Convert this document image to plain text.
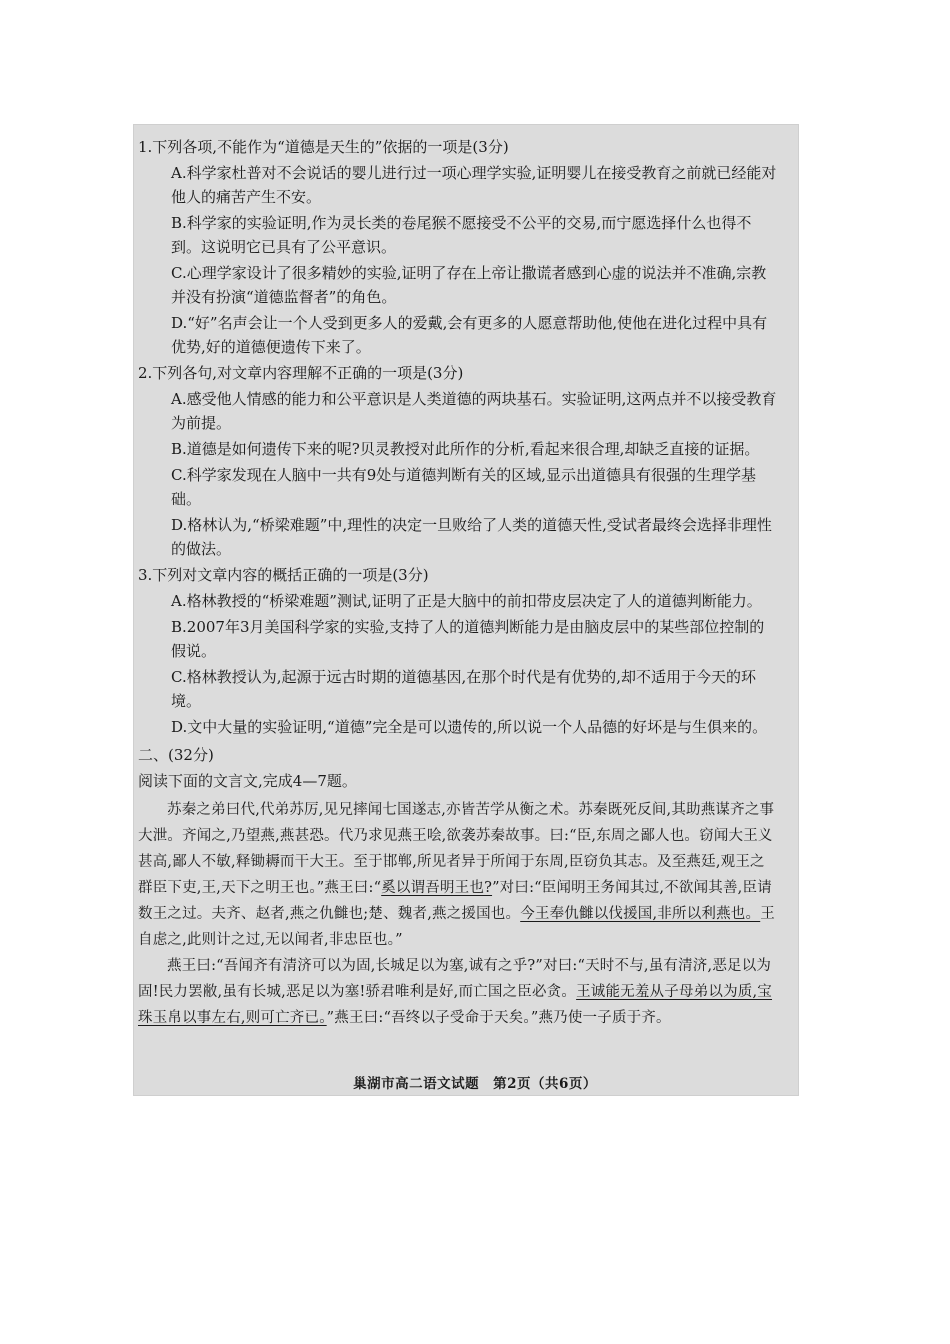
1.下列各项,不能作为“道德是天生的”依据的一项是(3分)

A.科学家杜普对不会说话的婴儿进行过一项心理学实验,证明婴儿在接受教育之前就已经能对他人的痛苦产生不安。

B.科学家的实验证明,作为灵长类的卷尾猴不愿接受不公平的交易,而宁愿选择什么也得不到。这说明它已具有了公平意识。

C.心理学家设计了很多精妙的实验,证明了存在上帝让撒谎者感到心虚的说法并不准确,宗教并没有扮演“道德监督者”的角色。

D.“好”名声会让一个人受到更多人的爱戴,会有更多的人愿意帮助他,使他在进化过程中具有优势,好的道德便遗传下来了。

2.下列各句,对文章内容理解不正确的一项是(3分)

A.感受他人情感的能力和公平意识是人类道德的两块基石。实验证明,这两点并不以接受教育为前提。

B.道德是如何遗传下来的呢?贝灵教授对此所作的分析,看起来很合理,却缺乏直接的证据。

C.科学家发现在人脑中一共有9处与道德判断有关的区域,显示出道德具有很强的生理学基础。

D.格林认为,“桥梁难题”中,理性的决定一旦败给了人类的道德天性,受试者最终会选择非理性的做法。

3.下列对文章内容的概括正确的一项是(3分)

A.格林教授的“桥梁难题”测试,证明了正是大脑中的前扣带皮层决定了人的道德判断能力。

B.2007年3月美国科学家的实验,支持了人的道德判断能力是由脑皮层中的某些部位控制的假说。

C.格林教授认为,起源于远古时期的道德基因,在那个时代是有优势的,却不适用于今天的环境。

D.文中大量的实验证明,“道德”完全是可以遗传的,所以说一个人品德的好坏是与生俱来的。

二、(32分)

阅读下面的文言文,完成4—7题。

苏秦之弟曰代,代弟苏厉,见兄摔闻七国遂志,亦皆苦学从衡之术。苏秦既死反间,其助燕谋齐之事大泄。齐闻之,乃望燕,燕甚恐。代乃求见燕王哙,欲袭苏秦故事。曰:“臣,东周之鄙人也。窃闻大王义甚高,鄙人不敏,释锄耨而干大王。至于邯郸,所见者异于所闻于东周,臣窃负其志。及至燕廷,观王之群臣下吏,王,天下之明王也。”燕王曰:“奚以谓吾明王也?”对曰:“臣闻明王务闻其过,不欲闻其善,臣请数王之过。夫齐、赵者,燕之仇雠也;楚、魏者,燕之援国也。今王奉仇雠以伐援国,非所以利燕也。王自虑之,此则计之过,无以闻者,非忠臣也。”

燕王曰:“吾闻齐有清济可以为固,长城足以为塞,诚有之乎?”对曰:“天时不与,虽有清济,恶足以为固!民力罢敝,虽有长城,恶足以为塞!骄君唯利是好,而亡国之臣必贪。王诚能无羞从子母弟以为质,宝珠玉帛以事左右,则可亡齐已。”燕王曰:“吾终以子受命于天矣。”燕乃使一子质于齐。

巢湖市高二语文试题　第2页（共6页）
